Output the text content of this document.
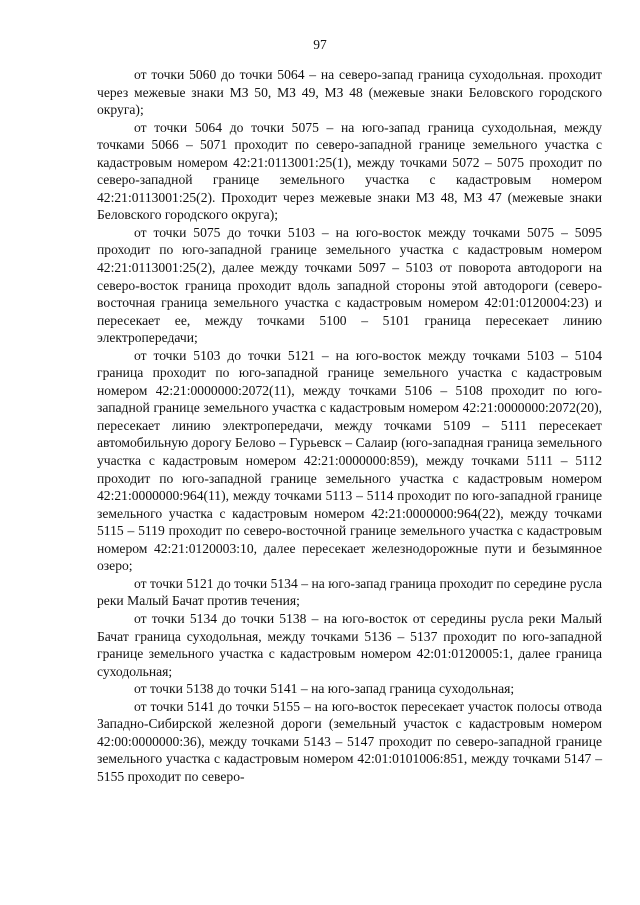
97

от точки 5060 до точки 5064 – на северо-запад граница суходольная. проходит через межевые знаки МЗ 50, МЗ 49, МЗ 48 (межевые знаки Беловского городского округа);

от точки 5064 до точки 5075 – на юго-запад граница суходольная, между точками 5066 – 5071 проходит по северо-западной границе земельного участка с кадастровым номером 42:21:0113001:25(1), между точками 5072 – 5075 проходит по северо-западной границе земельного участка с кадастровым номером 42:21:0113001:25(2). Проходит через межевые знаки МЗ 48, МЗ 47 (межевые знаки Беловского городского округа);

от точки 5075 до точки 5103 – на юго-восток между точками 5075 – 5095 проходит по юго-западной границе земельного участка с кадастровым номером 42:21:0113001:25(2), далее между точками 5097 – 5103 от поворота автодороги на северо-восток граница проходит вдоль западной стороны этой автодороги (северо-восточная граница земельного участка с кадастровым номером 42:01:0120004:23) и пересекает ее, между точками 5100 – 5101 граница пересекает линию электропередачи;

от точки 5103 до точки 5121 – на юго-восток между точками 5103 – 5104 граница проходит по юго-западной границе земельного участка с кадастровым номером 42:21:0000000:2072(11), между точками 5106 – 5108 проходит по юго-западной границе земельного участка с кадастровым номером 42:21:0000000:2072(20), пересекает линию электропередачи, между точками 5109 – 5111 пересекает автомобильную дорогу Белово – Гурьевск – Салаир (юго-западная граница земельного участка с кадастровым номером 42:21:0000000:859), между точками 5111 – 5112 проходит по юго-западной границе земельного участка с кадастровым номером 42:21:0000000:964(11), между точками 5113 – 5114 проходит по юго-западной границе земельного участка с кадастровым номером 42:21:0000000:964(22), между точками 5115 – 5119 проходит по северо-восточной границе земельного участка с кадастровым номером 42:21:0120003:10, далее пересекает железнодорожные пути и безымянное озеро;

от точки 5121 до точки 5134 – на юго-запад граница проходит по середине русла реки Малый Бачат против течения;

от точки 5134 до точки 5138 – на юго-восток от середины русла реки Малый Бачат граница суходольная, между точками 5136 – 5137 проходит по юго-западной границе земельного участка с кадастровым номером 42:01:0120005:1, далее граница суходольная;

от точки 5138 до точки 5141 – на юго-запад граница суходольная;

от точки 5141 до точки 5155 – на юго-восток пересекает участок полосы отвода Западно-Сибирской железной дороги (земельный участок с кадастровым номером 42:00:0000000:36), между точками 5143 – 5147 проходит по северо-западной границе земельного участка с кадастровым номером 42:01:0101006:851, между точками 5147 – 5155 проходит по северо-
